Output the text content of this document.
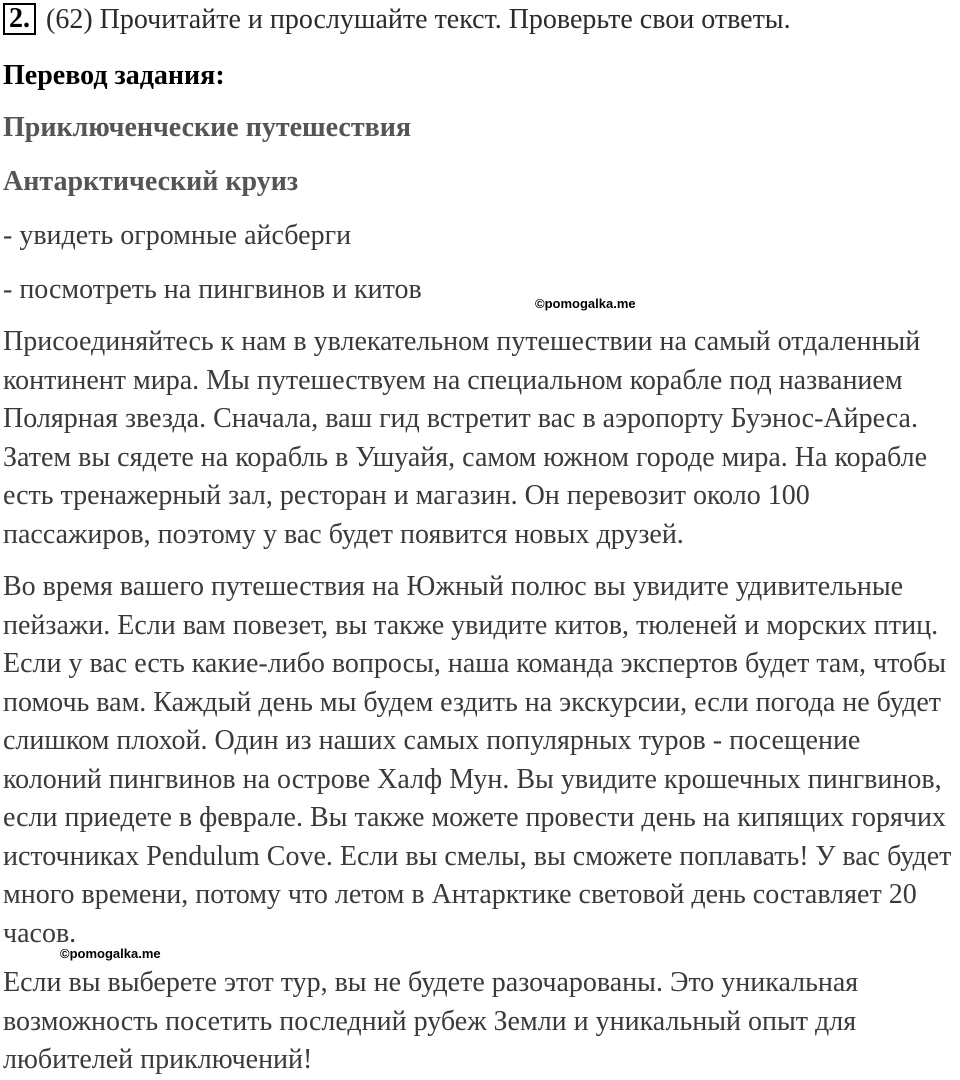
2. (62) Прочитайте и прослушайте текст. Проверьте свои ответы.
Перевод задания:
Приключенческие путешествия
Антарктический круиз
- увидеть огромные айсберги
- посмотреть на пингвинов и китов	©pomogalka.me

Присоединяйтесь к нам в увлекательном путешествии на самый отдаленный континент мира. Мы путешествуем на специальном корабле под названием Полярная звезда. Сначала, ваш гид встретит вас в аэропорту Буэнос-Айреса. Затем вы сядете на корабль в Ушуайя, самом южном городе мира. На корабле есть тренажерный зал, ресторан и магазин. Он перевозит около 100 пассажиров, поэтому у вас будет появится новых друзей.

Во время вашего путешествия на Южный полюс вы увидите удивительные пейзажи. Если вам повезет, вы также увидите китов, тюленей и морских птиц. Если у вас есть какие-либо вопросы, наша команда экспертов будет там, чтобы помочь вам. Каждый день мы будем ездить на экскурсии, если погода не будет слишком плохой. Один из наших самых популярных туров - посещение колоний пингвинов на острове Халф Мун. Вы увидите крошечных пингвинов, если приедете в феврале. Вы также можете провести день на кипящих горячих источниках Pendulum Cove. Если вы смелы, вы сможете поплавать! У вас будет много времени, потому что летом в Антарктике световой день составляет 20 часов.

©pomogalka.me

Если вы выберете этот тур, вы не будете разочарованы. Это уникальная возможность посетить последний рубеж Земли и уникальный опыт для любителей приключений!
